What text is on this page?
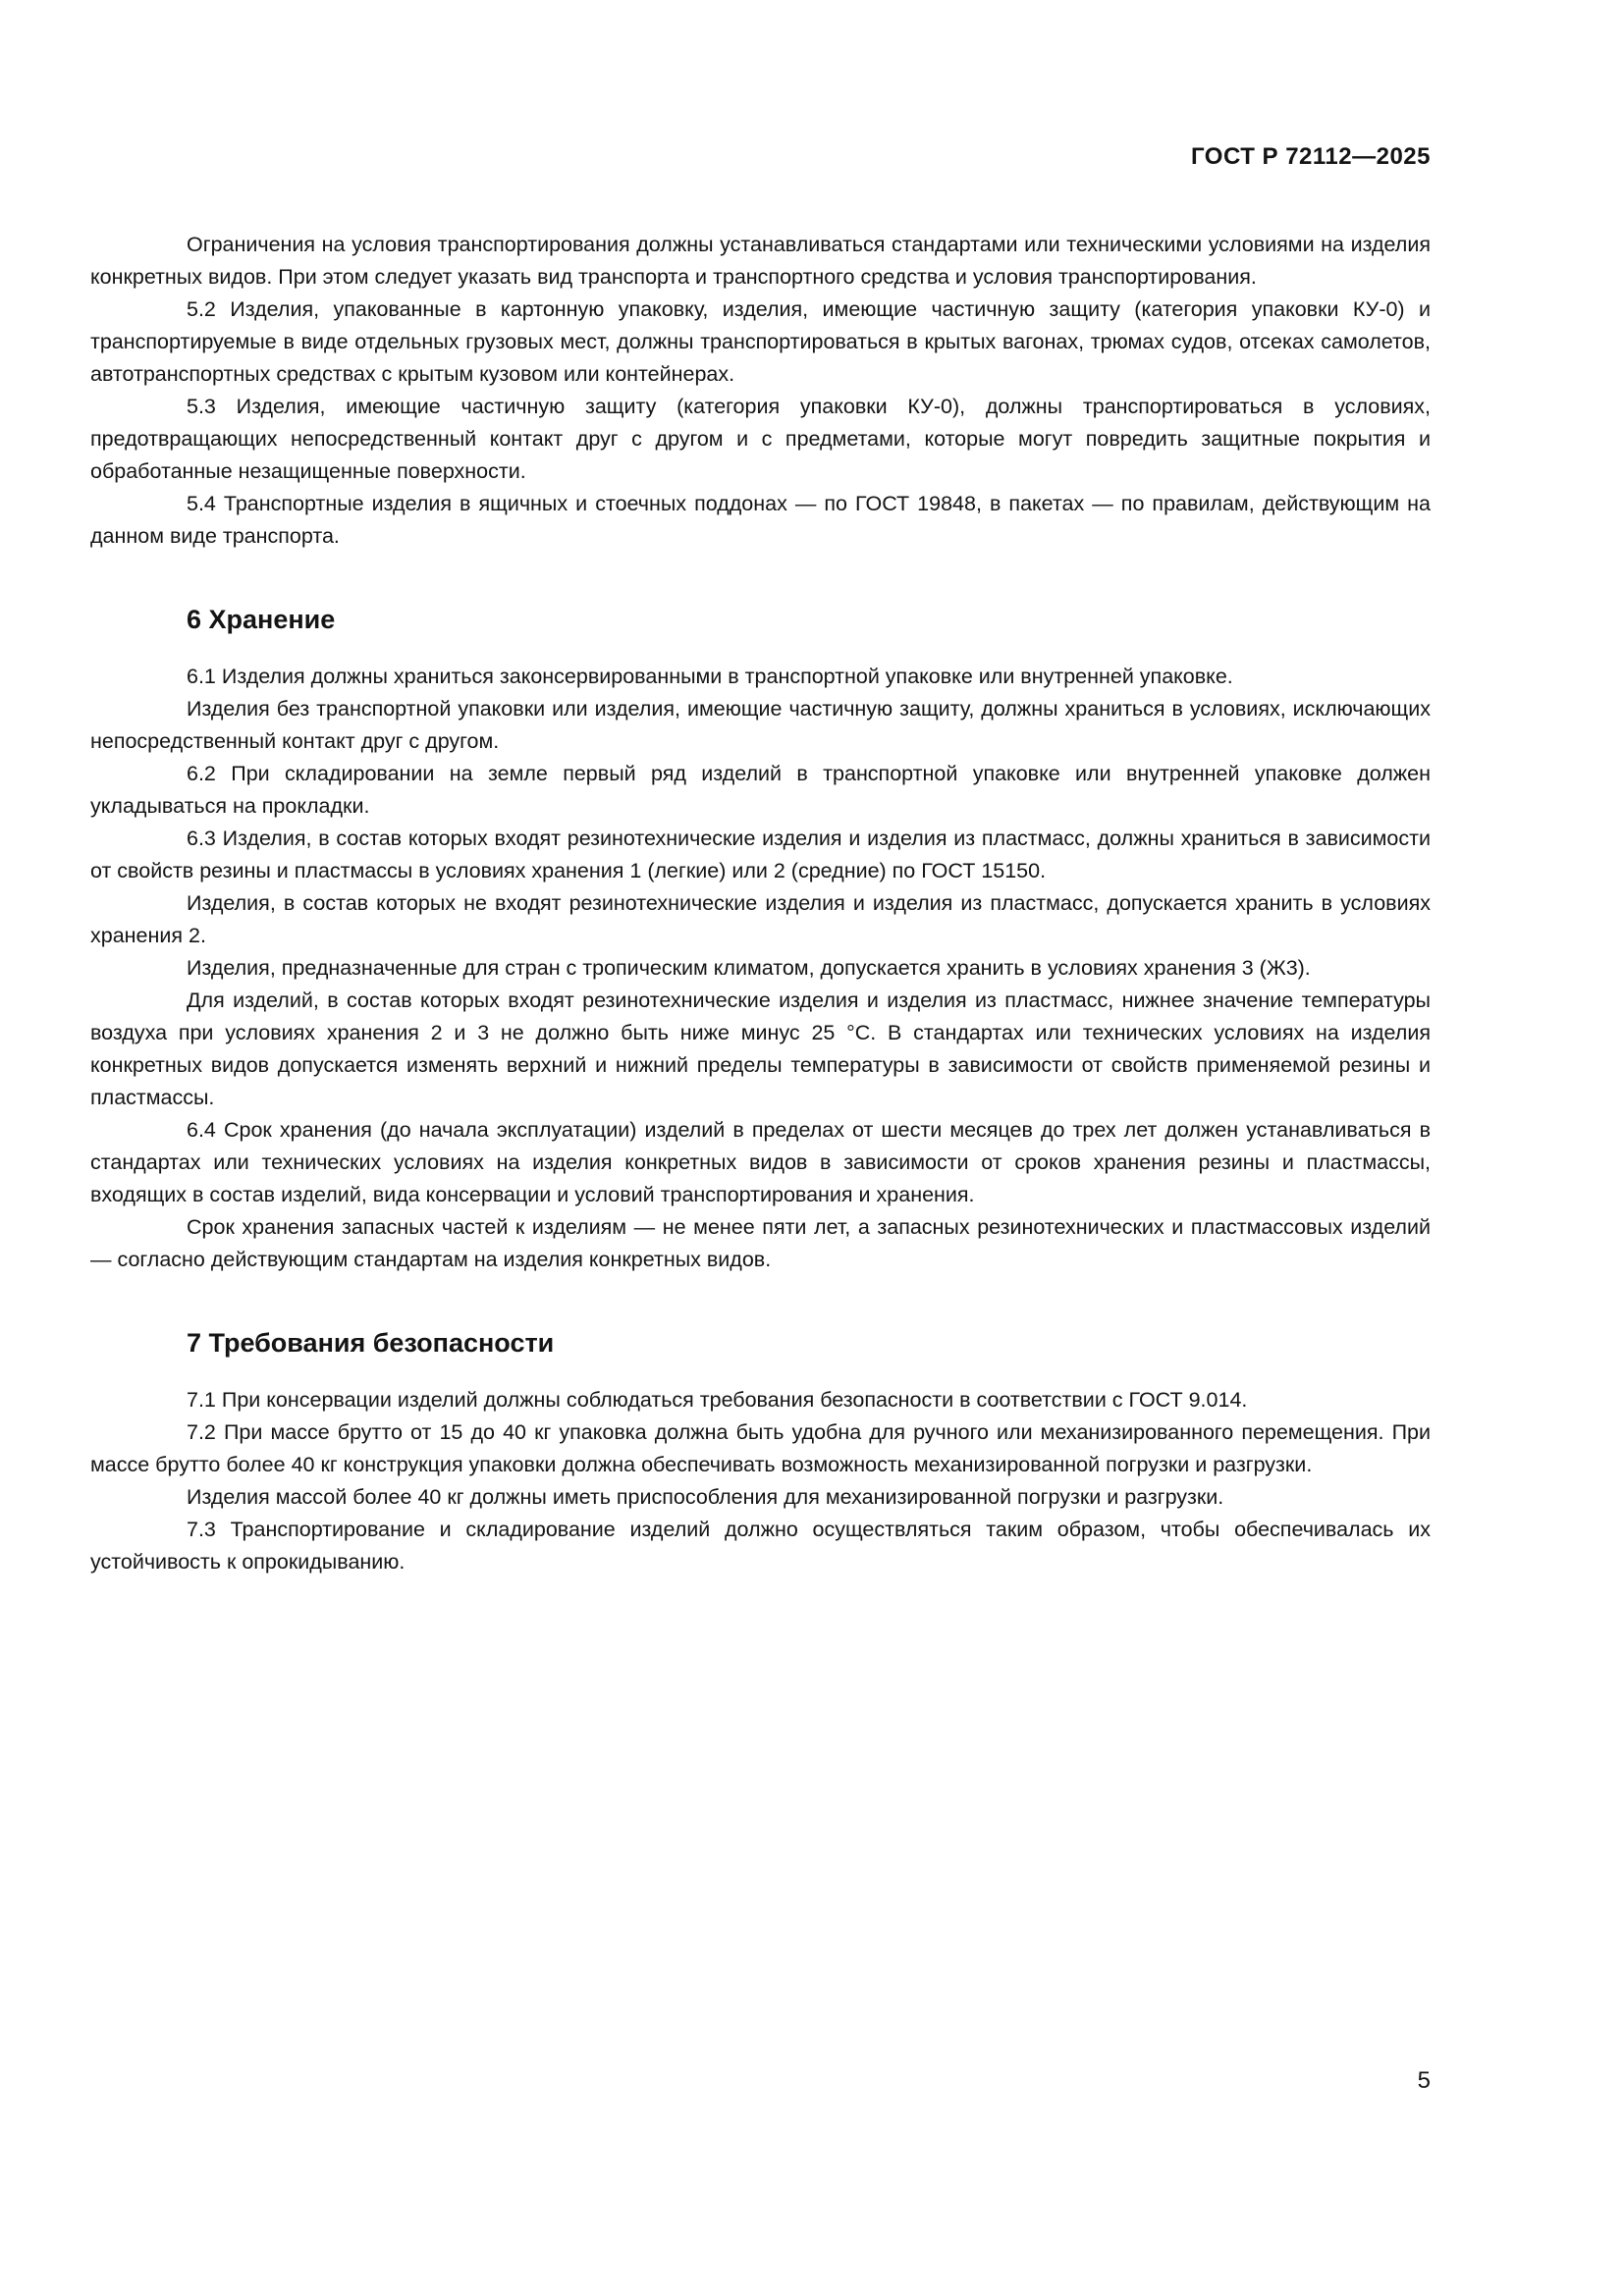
ГОСТ Р 72112—2025

Ограничения на условия транспортирования должны устанавливаться стандартами или техническими условиями на изделия конкретных видов. При этом следует указать вид транспорта и транспортного средства и условия транспортирования.

5.2 Изделия, упакованные в картонную упаковку, изделия, имеющие частичную защиту (категория упаковки КУ-0) и транспортируемые в виде отдельных грузовых мест, должны транспортироваться в крытых вагонах, трюмах судов, отсеках самолетов, автотранспортных средствах с крытым кузовом или контейнерах.

5.3 Изделия, имеющие частичную защиту (категория упаковки КУ-0), должны транспортироваться в условиях, предотвращающих непосредственный контакт друг с другом и с предметами, которые могут повредить защитные покрытия и обработанные незащищенные поверхности.

5.4 Транспортные изделия в ящичных и стоечных поддонах — по ГОСТ 19848, в пакетах — по правилам, действующим на данном виде транспорта.

6 Хранение

6.1 Изделия должны храниться законсервированными в транспортной упаковке или внутренней упаковке.

Изделия без транспортной упаковки или изделия, имеющие частичную защиту, должны храниться в условиях, исключающих непосредственный контакт друг с другом.

6.2 При складировании на земле первый ряд изделий в транспортной упаковке или внутренней упаковке должен укладываться на прокладки.

6.3 Изделия, в состав которых входят резинотехнические изделия и изделия из пластмасс, должны храниться в зависимости от свойств резины и пластмассы в условиях хранения 1 (легкие) или 2 (средние) по ГОСТ 15150.

Изделия, в состав которых не входят резинотехнические изделия и изделия из пластмасс, допускается хранить в условиях хранения 2.

Изделия, предназначенные для стран с тропическим климатом, допускается хранить в условиях хранения 3 (Ж3).

Для изделий, в состав которых входят резинотехнические изделия и изделия из пластмасс, нижнее значение температуры воздуха при условиях хранения 2 и 3 не должно быть ниже минус 25 °С. В стандартах или технических условиях на изделия конкретных видов допускается изменять верхний и нижний пределы температуры в зависимости от свойств применяемой резины и пластмассы.

6.4 Срок хранения (до начала эксплуатации) изделий в пределах от шести месяцев до трех лет должен устанавливаться в стандартах или технических условиях на изделия конкретных видов в зависимости от сроков хранения резины и пластмассы, входящих в состав изделий, вида консервации и условий транспортирования и хранения.

Срок хранения запасных частей к изделиям — не менее пяти лет, а запасных резинотехнических и пластмассовых изделий — согласно действующим стандартам на изделия конкретных видов.

7 Требования безопасности

7.1 При консервации изделий должны соблюдаться требования безопасности в соответствии с ГОСТ 9.014.

7.2 При массе брутто от 15 до 40 кг упаковка должна быть удобна для ручного или механизированного перемещения. При массе брутто более 40 кг конструкция упаковки должна обеспечивать возможность механизированной погрузки и разгрузки.

Изделия массой более 40 кг должны иметь приспособления для механизированной погрузки и разгрузки.

7.3 Транспортирование и складирование изделий должно осуществляться таким образом, чтобы обеспечивалась их устойчивость к опрокидыванию.

5
